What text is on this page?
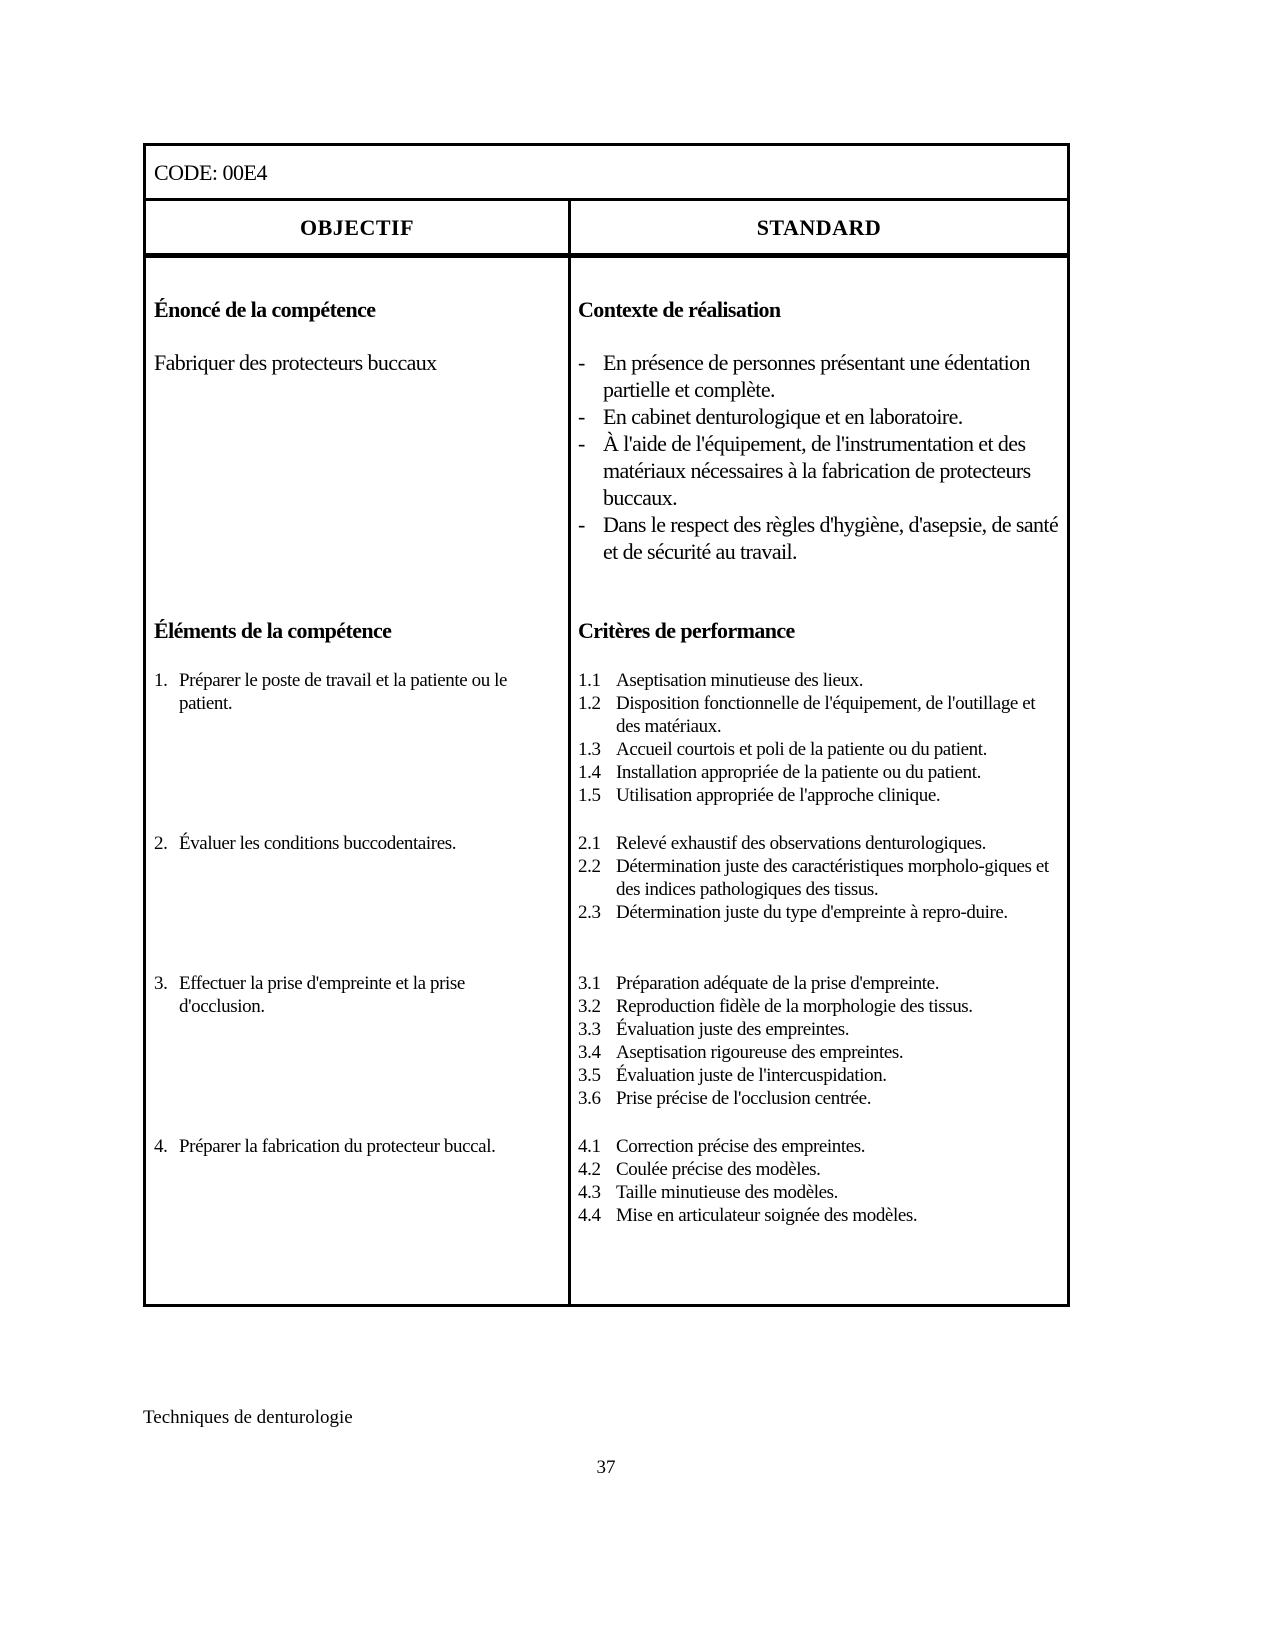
CODE: 00E4
OBJECTIF	STANDARD
Énoncé de la compétence
Fabriquer des protecteurs buccaux
Contexte de réalisation
- En présence de personnes présentant une édentation partielle et complète.
- En cabinet denturologique et en laboratoire.
- À l'aide de l'équipement, de l'instrumentation et des matériaux nécessaires à la fabrication de protecteurs buccaux.
- Dans le respect des règles d'hygiène, d'asepsie, de santé et de sécurité au travail.
Éléments de la compétence	Critères de performance
1. Préparer le poste de travail et la patiente ou le patient.
2. Évaluer les conditions buccodentaires.
3. Effectuer la prise d'empreinte et la prise d'occlusion.
4. Préparer la fabrication du protecteur buccal.
1.1 Aseptisation minutieuse des lieux.
1.2 Disposition fonctionnelle de l'équipement, de l'outillage et des matériaux.
1.3 Accueil courtois et poli de la patiente ou du patient.
1.4 Installation appropriée de la patiente ou du patient.
1.5 Utilisation appropriée de l'approche clinique.
2.1 Relevé exhaustif des observations denturologiques.
2.2 Détermination juste des caractéristiques morpholo-giques et des indices pathologiques des tissus.
2.3 Détermination juste du type d'empreinte à repro-duire.
3.1 Préparation adéquate de la prise d'empreinte.
3.2 Reproduction fidèle de la morphologie des tissus.
3.3 Évaluation juste des empreintes.
3.4 Aseptisation rigoureuse des empreintes.
3.5 Évaluation juste de l'intercuspidation.
3.6 Prise précise de l'occlusion centrée.
4.1 Correction précise des empreintes.
4.2 Coulée précise des modèles.
4.3 Taille minutieuse des modèles.
4.4 Mise en articulateur soignée des modèles.
Techniques de denturologie
37
